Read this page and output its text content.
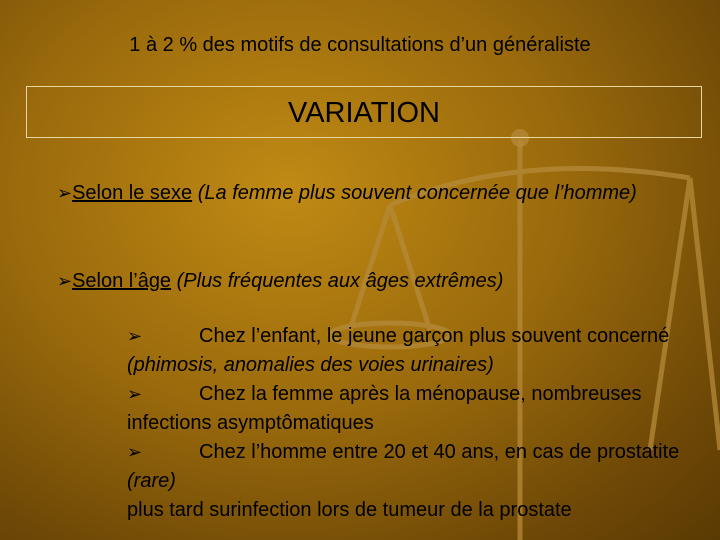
1 à 2 % des motifs de consultations d’un généraliste
VARIATION
➢Selon le sexe (La femme plus souvent concernée que l’homme)
➢Selon l’âge (Plus fréquentes aux âges extrêmes)
➢	Chez l’enfant, le jeune garçon plus souvent concerné (phimosis, anomalies des voies urinaires)
➢	Chez la femme après la ménopause, nombreuses infections asymptômatiques
➢	Chez l’homme entre 20 et 40 ans, en cas de prostatite (rare)
plus tard surinfection lors de tumeur de la prostate
